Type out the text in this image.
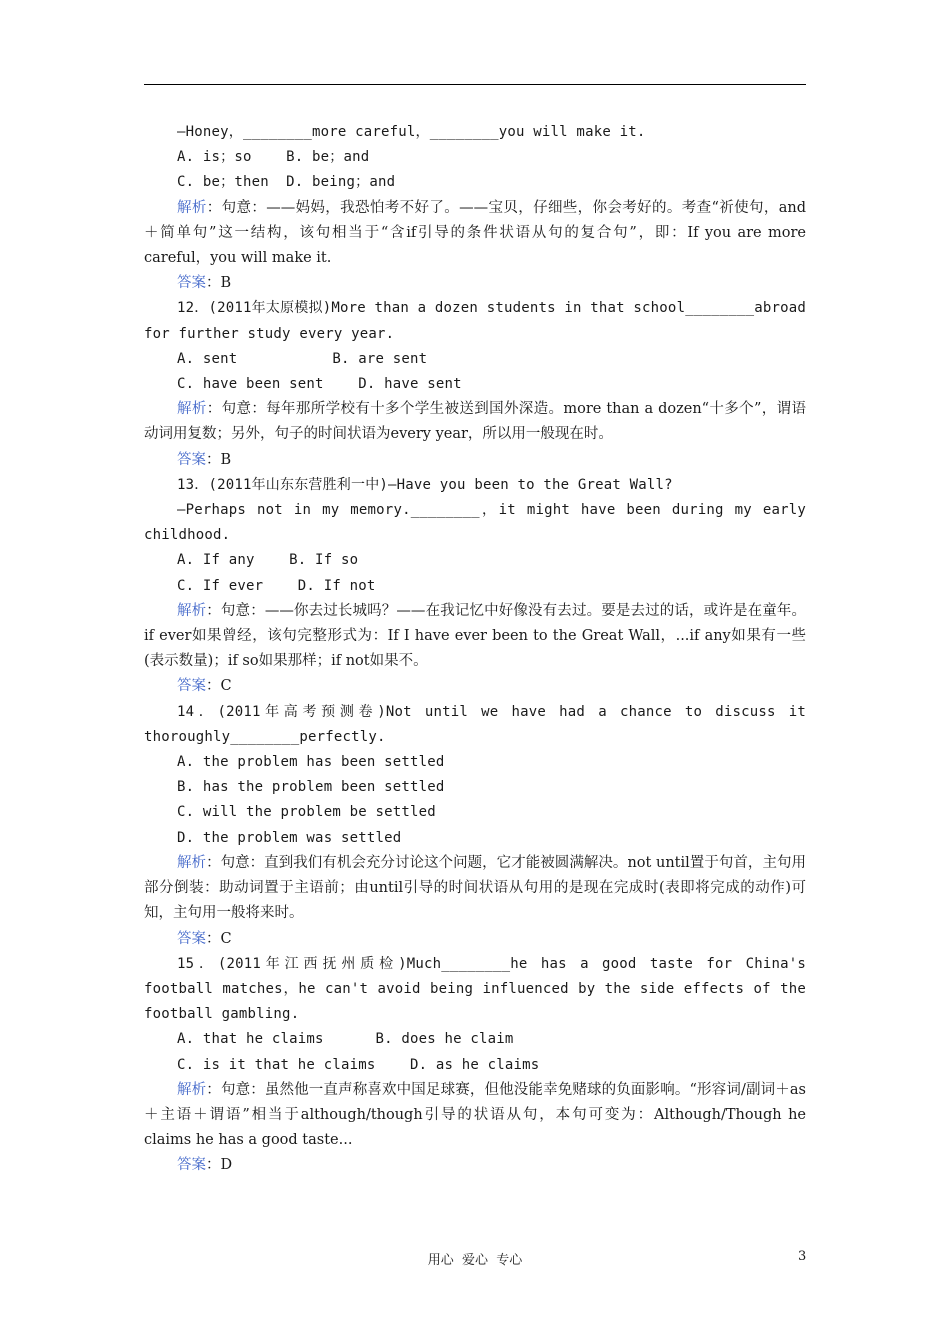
—Honey，________more careful，________you will make it.

A. is；so    B. be；and

C. be；then  D. being；and

解析：句意：——妈妈，我恐怕考不好了。——宝贝，仔细些，你会考好的。考查“祈使句，and＋简单句”这一结构，该句相当于“含if引导的条件状语从句的复合句”，即：If you are more careful，you will make it.

答案：B

12．(2011年太原模拟)More than a dozen students in that school________abroad for further study every year.

A. sent           B. are sent

C. have been sent    D. have sent

解析：句意：每年那所学校有十多个学生被送到国外深造。more than a dozen“十多个”，谓语动词用复数；另外，句子的时间状语为every year，所以用一般现在时。

答案：B

13．(2011年山东东营胜利一中)—Have you been to the Great Wall?

—Perhaps not in my memory.________，it might have been during my early childhood.

A. If any    B. If so

C. If ever    D. If not

解析：句意：——你去过长城吗？——在我记忆中好像没有去过。要是去过的话，或许是在童年。if ever如果曾经，该句完整形式为：If I have ever been to the Great Wall，...if any如果有一些(表示数量)；if so如果那样；if not如果不。

答案：C

14．(2011年高考预测卷)Not until we have had a chance to discuss it thoroughly________perfectly.

A. the problem has been settled

B. has the problem been settled

C. will the problem be settled

D. the problem was settled

解析：句意：直到我们有机会充分讨论这个问题，它才能被圆满解决。not until置于句首，主句用部分倒装：助动词置于主语前；由until引导的时间状语从句用的是现在完成时(表即将完成的动作)可知，主句用一般将来时。

答案：C

15．(2011年江西抚州质检)Much________he has a good taste for China's football matches，he can't avoid being influenced by the side effects of the football gambling.

A. that he claims      B. does he claim

C. is it that he claims    D. as he claims

解析：句意：虽然他一直声称喜欢中国足球赛，但他没能幸免赌球的负面影响。“形容词/副词＋as＋主语＋谓语”相当于although/though引导的状语从句，本句可变为：Although/Though he claims he has a good taste...

答案：D

用心  爱心  专心	3
